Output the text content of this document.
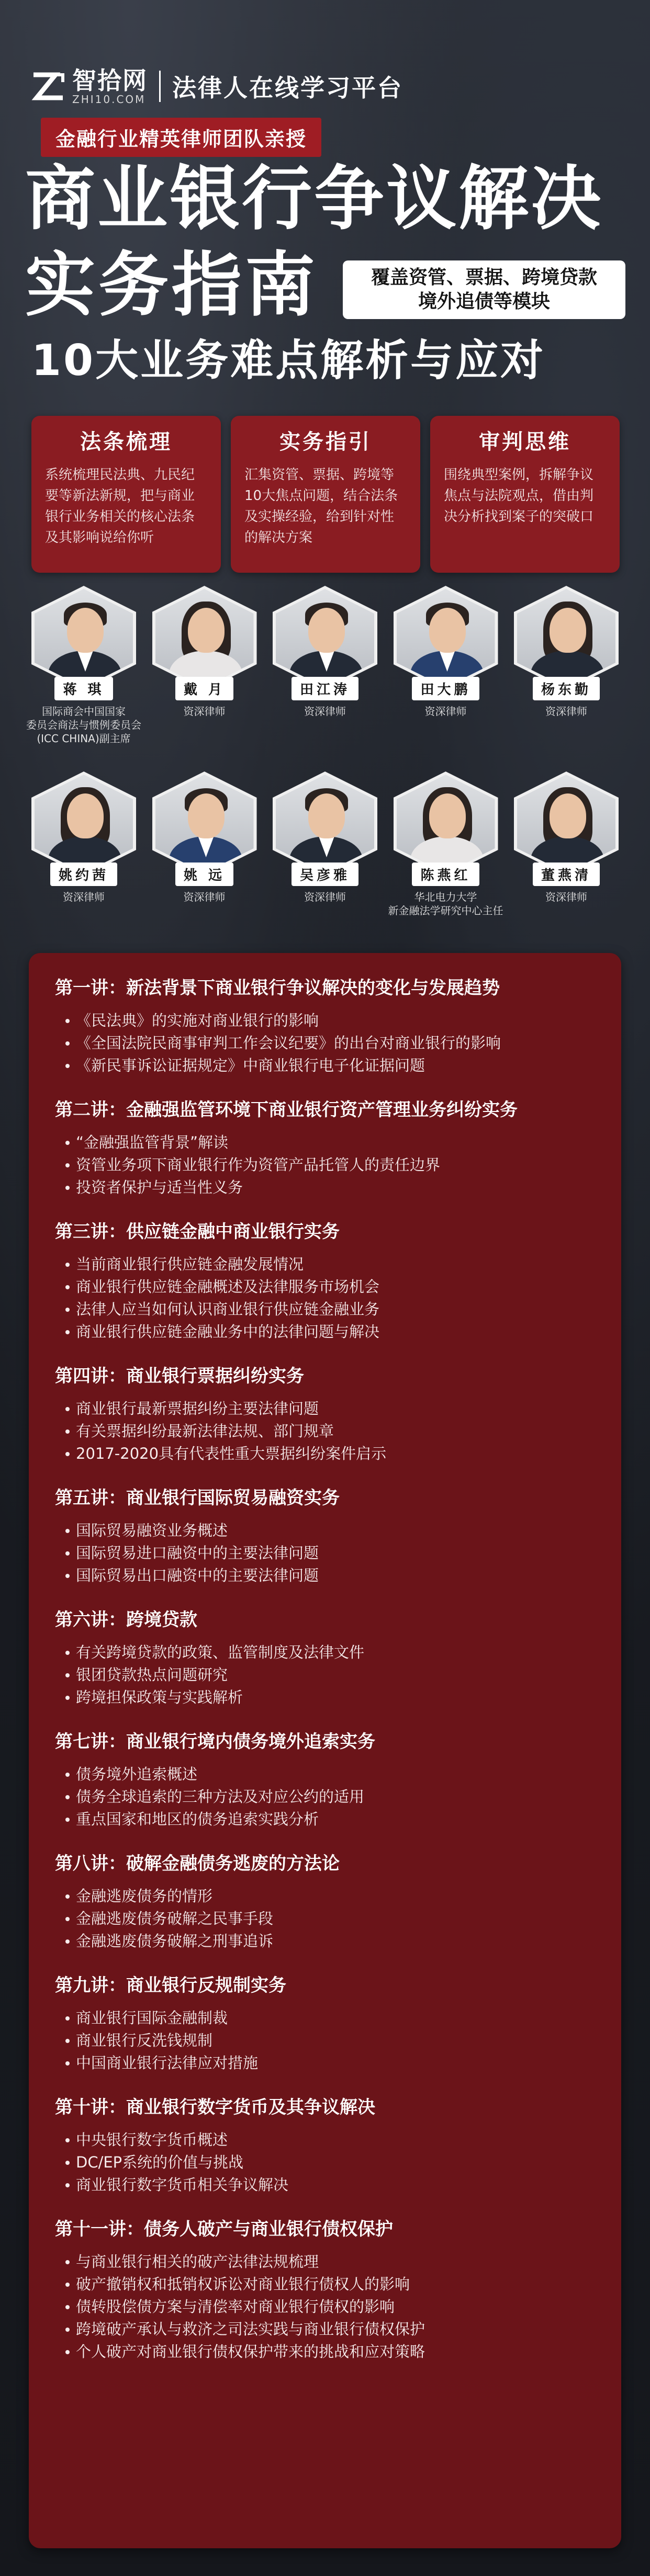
智拾网
ZHI10.COM 法律人在线学习平台
金融行业精英律师团队亲授
商业银行争议解决
实务指南	覆盖资管、票据、跨境贷款
境外追债等模块
10大业务难点解析与应对
法条梳理
系统梳理民法典、九民纪要等新法新规，把与商业银行业务相关的核心法条及其影响说给你听
实务指引
汇集资管、票据、跨境等10大焦点问题，结合法条及实操经验，给到针对性的解决方案
审判思维
围绕典型案例，拆解争议焦点与法院观点，借由判决分析找到案子的突破口
蒋 琪
国际商会中国国家
委员会商法与惯例委员会
(ICC CHINA)副主席
戴 月
资深律师
田江涛
资深律师
田大鹏
资深律师
杨东勤
资深律师
姚约茜
资深律师
姚 远
资深律师
吴彦雅
资深律师
陈燕红
华北电力大学
新金融法学研究中心主任
董燕清
资深律师
第一讲：新法背景下商业银行争议解决的变化与发展趋势
《民法典》的实施对商业银行的影响
《全国法院民商事审判工作会议纪要》的出台对商业银行的影响
《新民事诉讼证据规定》中商业银行电子化证据问题
第二讲：金融强监管环境下商业银行资产管理业务纠纷实务
“金融强监管背景”解读
资管业务项下商业银行作为资管产品托管人的责任边界
投资者保护与适当性义务
第三讲：供应链金融中商业银行实务
当前商业银行供应链金融发展情况
商业银行供应链金融概述及法律服务市场机会
法律人应当如何认识商业银行供应链金融业务
商业银行供应链金融业务中的法律问题与解决
第四讲：商业银行票据纠纷实务
商业银行最新票据纠纷主要法律问题
有关票据纠纷最新法律法规、部门规章
2017-2020具有代表性重大票据纠纷案件启示
第五讲：商业银行国际贸易融资实务
国际贸易融资业务概述
国际贸易进口融资中的主要法律问题
国际贸易出口融资中的主要法律问题
第六讲：跨境贷款
有关跨境贷款的政策、监管制度及法律文件
银团贷款热点问题研究
跨境担保政策与实践解析
第七讲：商业银行境内债务境外追索实务
债务境外追索概述
债务全球追索的三种方法及对应公约的适用
重点国家和地区的债务追索实践分析
第八讲：破解金融债务逃废的方法论
金融逃废债务的情形
金融逃废债务破解之民事手段
金融逃废债务破解之刑事追诉
第九讲：商业银行反规制实务
商业银行国际金融制裁
商业银行反洗钱规制
中国商业银行法律应对措施
第十讲：商业银行数字货币及其争议解决
中央银行数字货币概述
DC/EP系统的价值与挑战
商业银行数字货币相关争议解决
第十一讲：债务人破产与商业银行债权保护
与商业银行相关的破产法律法规梳理
破产撤销权和抵销权诉讼对商业银行债权人的影响
债转股偿债方案与清偿率对商业银行债权的影响
跨境破产承认与救济之司法实践与商业银行债权保护
个人破产对商业银行债权保护带来的挑战和应对策略
